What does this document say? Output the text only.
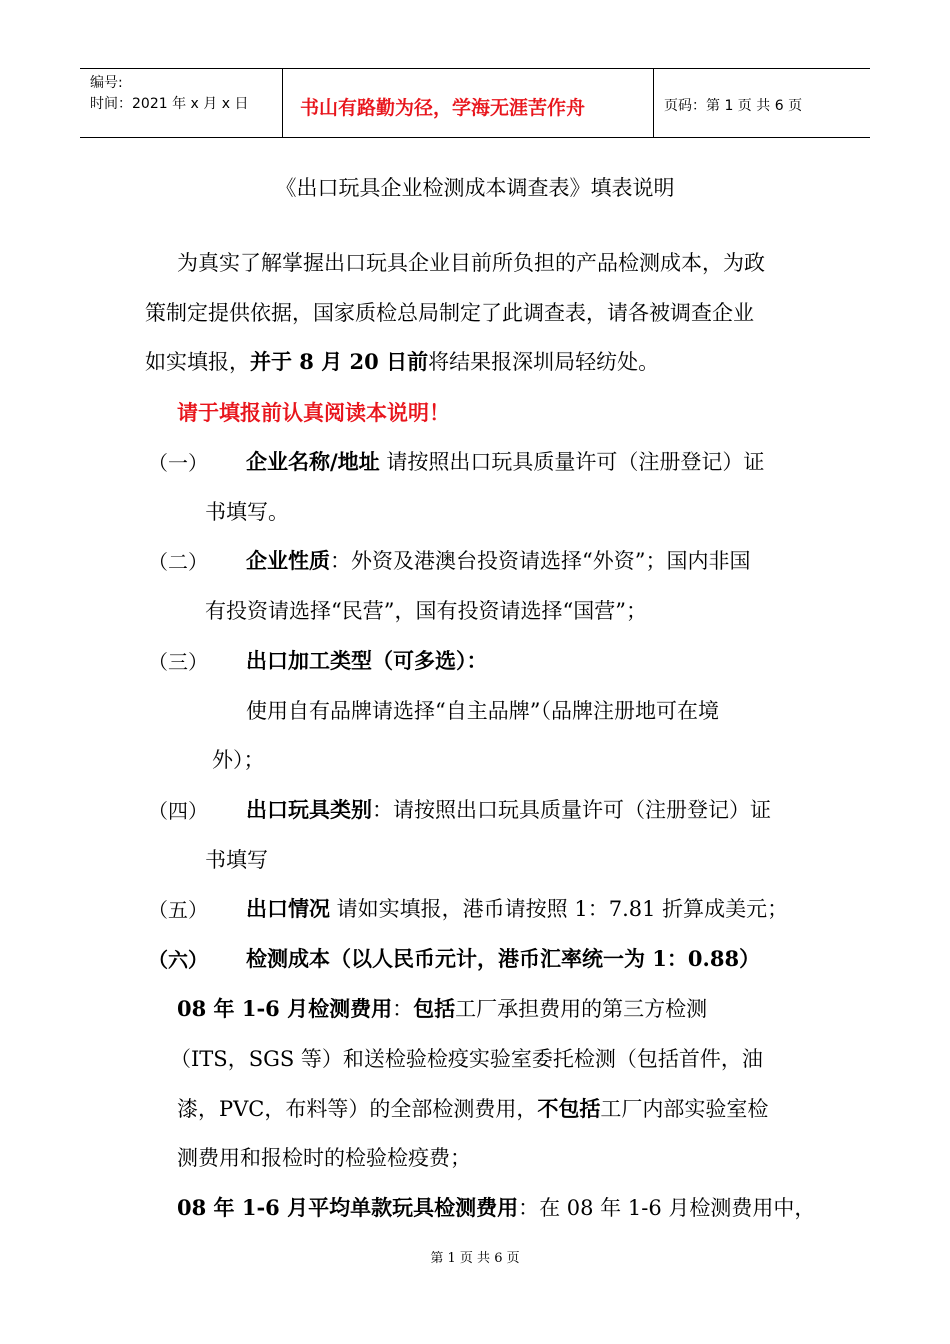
编号:
时间：2021 年 x 月 x 日	书山有路勤为径，学海无涯苦作舟	页码：第 1 页 共 6 页
《出口玩具企业检测成本调查表》填表说明
为真实了解掌握出口玩具企业目前所负担的产品检测成本，为政
策制定提供依据，国家质检总局制定了此调查表，请各被调查企业
如实填报，并于 8 月 20 日前将结果报深圳局轻纺处。
请于填报前认真阅读本说明！
（一） 企业名称/地址 请按照出口玩具质量许可（注册登记）证
书填写。
（二） 企业性质：外资及港澳台投资请选择“外资”；国内非国
有投资请选择“民营”，国有投资请选择“国营”；
（三） 出口加工类型（可多选）：
使用自有品牌请选择“自主品牌”（品牌注册地可在境
外）；
（四） 出口玩具类别：请按照出口玩具质量许可（注册登记）证
书填写
（五） 出口情况 请如实填报，港币请按照 1：7.81 折算成美元；
（六） 检测成本（以人民币元计，港币汇率统一为 1：0.88）
08 年 1-6 月检测费用：包括工厂承担费用的第三方检测
（ITS，SGS 等）和送检验检疫实验室委托检测（包括首件，油
漆，PVC，布料等）的全部检测费用，不包括工厂内部实验室检
测费用和报检时的检验检疫费；
08 年 1-6 月平均单款玩具检测费用：在 08 年 1-6 月检测费用中，
第 1 页 共 6 页
